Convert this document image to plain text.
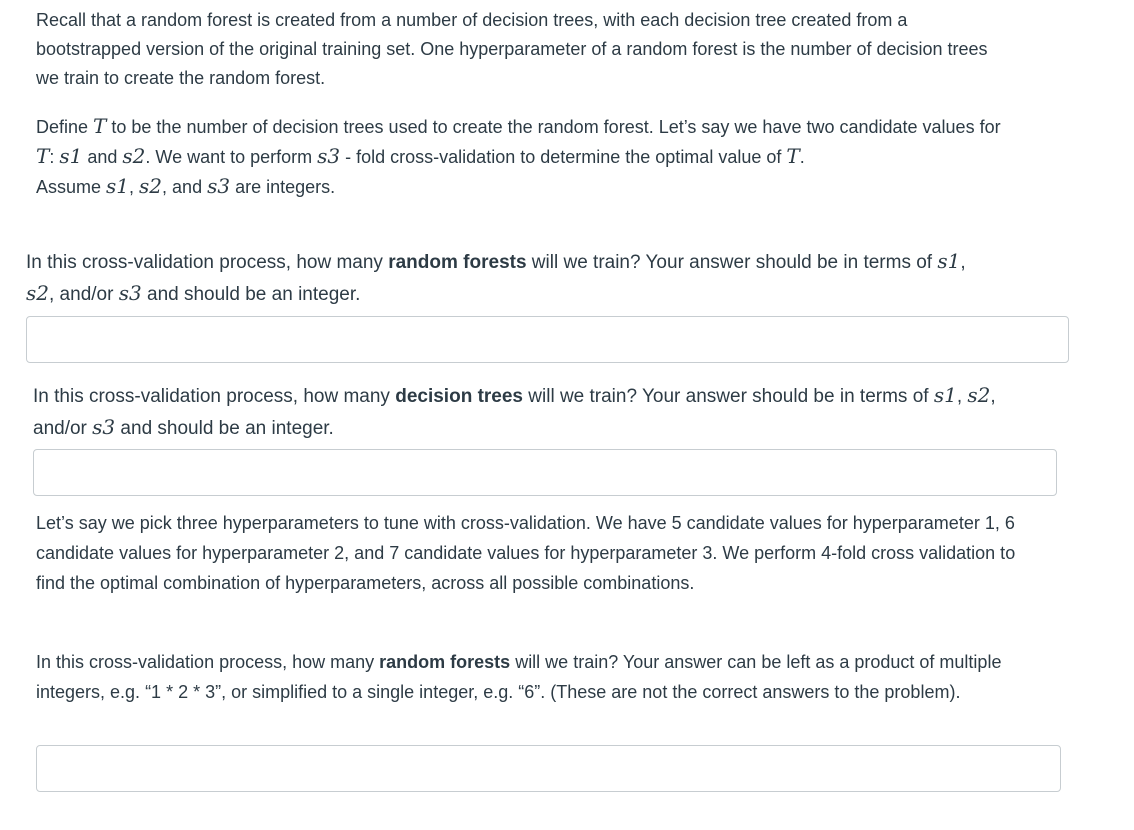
Recall that a random forest is created from a number of decision trees, with each decision tree created from a bootstrapped version of the original training set. One hyperparameter of a random forest is the number of decision trees we train to create the random forest.

Define T to be the number of decision trees used to create the random forest. Let’s say we have two candidate values for T: s1 and s2. We want to perform s3 - fold cross-validation to determine the optimal value of T.
Assume s1, s2, and s3 are integers.

In this cross-validation process, how many random forests will we train? Your answer should be in terms of s1,
s2, and/or s3 and should be an integer.

In this cross-validation process, how many decision trees will we train? Your answer should be in terms of s1, s2,
and/or s3 and should be an integer.

Let’s say we pick three hyperparameters to tune with cross-validation. We have 5 candidate values for hyperparameter 1, 6 candidate values for hyperparameter 2, and 7 candidate values for hyperparameter 3. We perform 4-fold cross validation to find the optimal combination of hyperparameters, across all possible combinations.

In this cross-validation process, how many random forests will we train? Your answer can be left as a product of multiple integers, e.g. “1 * 2 * 3”, or simplified to a single integer, e.g. “6”. (These are not the correct answers to the problem).
